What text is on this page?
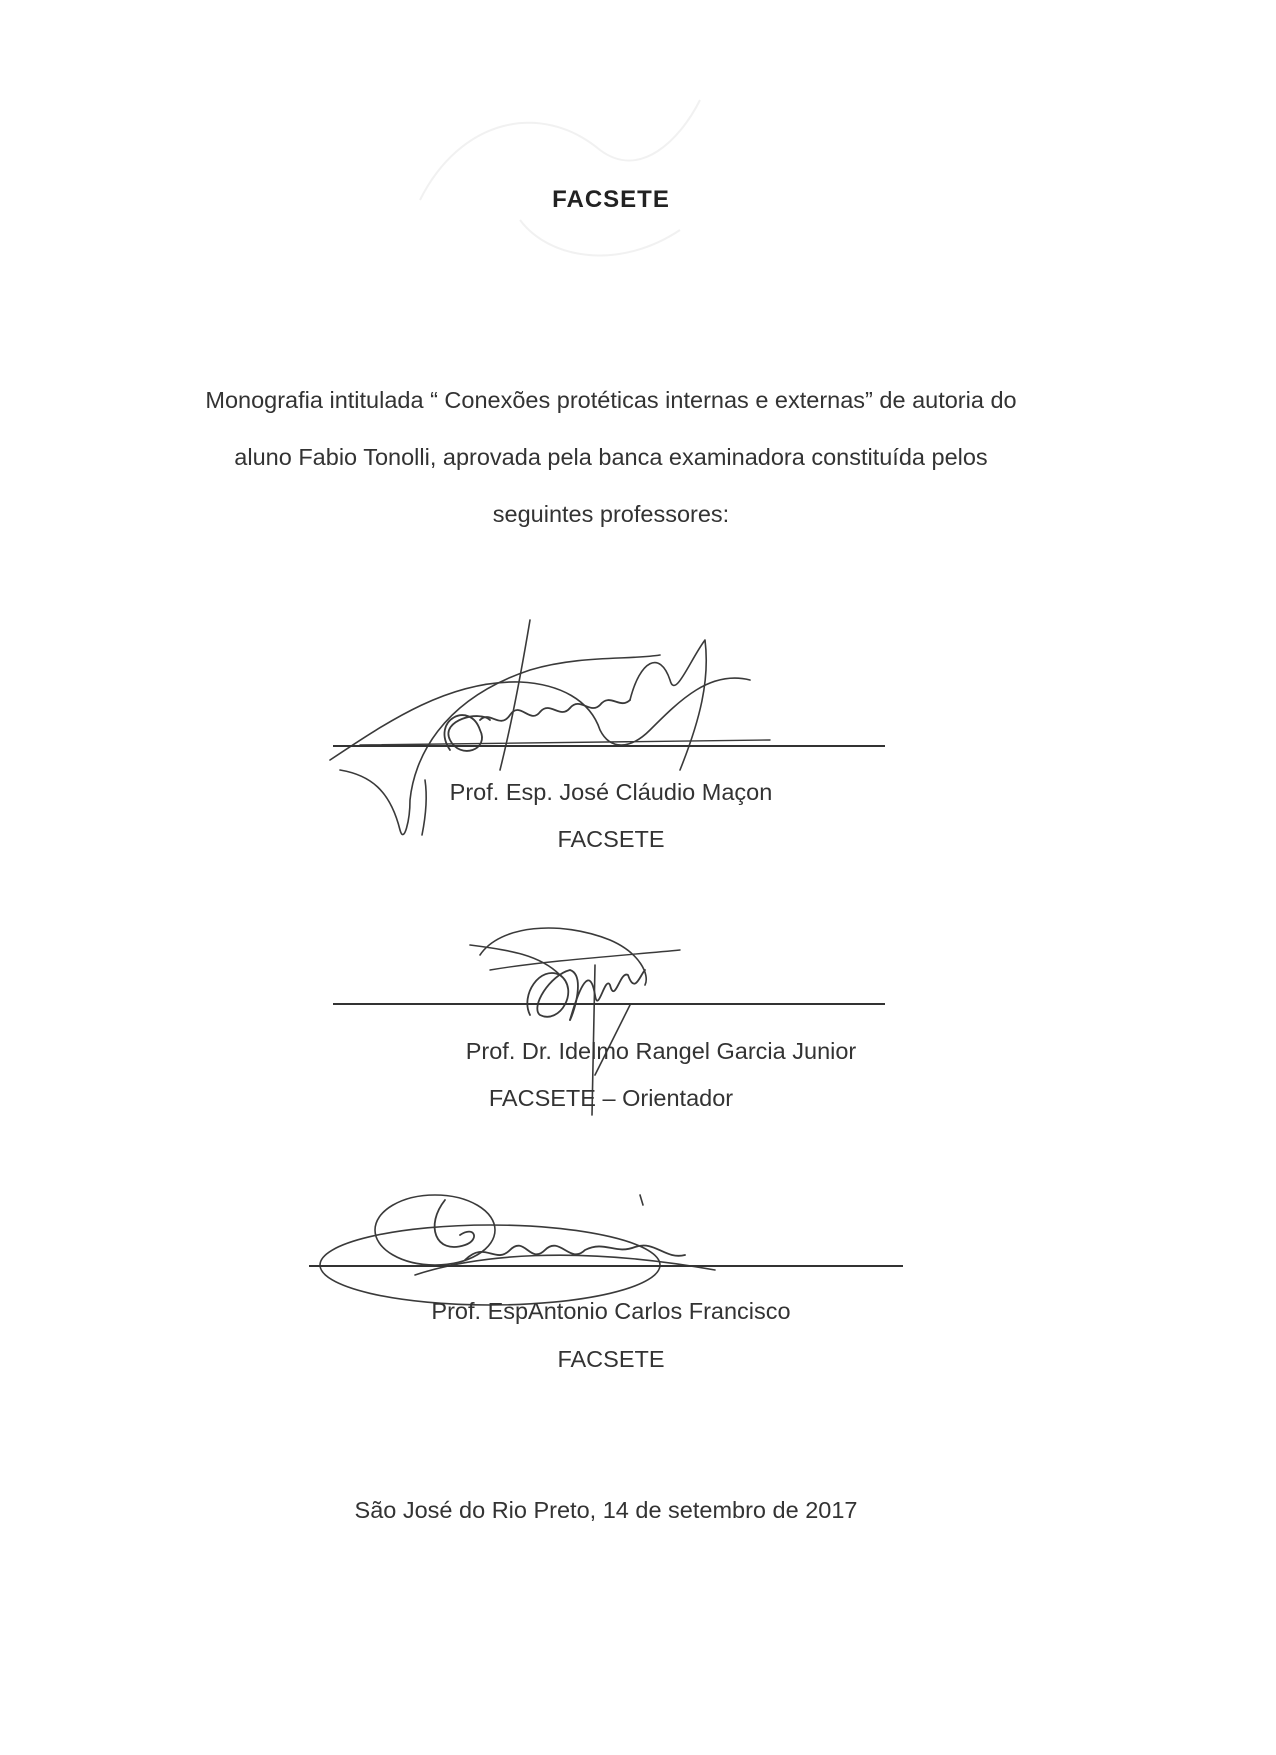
FACSETE
Monografia intitulada “ Conexões protéticas internas e externas” de autoria do
aluno Fabio Tonolli, aprovada pela banca examinadora constituída pelos
seguintes professores:
Prof. Esp. José Cláudio Maçon
FACSETE
Prof. Dr. Idelmo Rangel Garcia Junior
FACSETE – Orientador
Prof. EspAntonio Carlos Francisco
FACSETE
São José do Rio Preto, 14 de setembro de 2017
